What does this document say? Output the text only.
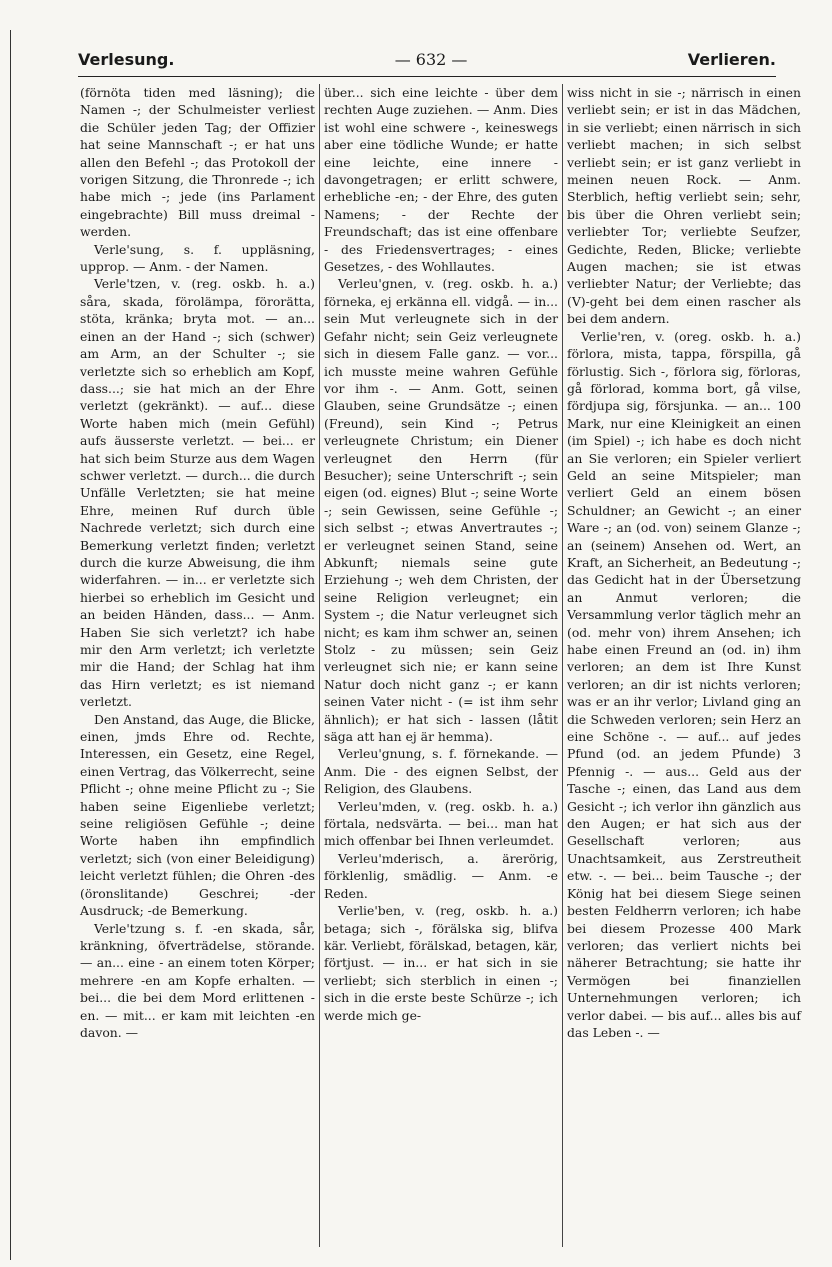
Verlesung.	— 632 —	Verlieren.

(förnöta tiden med läsning); die Namen -; der Schulmeister verliest die Schüler jeden Tag; der Offizier hat seine Mannschaft -; er hat uns allen den Befehl -; das Protokoll der vorigen Sitzung, die Thronrede -; ich habe mich -; jede (ins Parlament eingebrachte) Bill muss dreimal - werden.

Verle'sung, s. f. uppläsning, upprop. — Anm. - der Namen.

Verle'tzen, v. (reg. oskb. h. a.) såra, skada, förolämpa, förorätta, stöta, kränka; bryta mot. — an... einen an der Hand -; sich (schwer) am Arm, an der Schulter -; sie verletzte sich so erheblich am Kopf, dass...; sie hat mich an der Ehre verletzt (gekränkt). — auf... diese Worte haben mich (mein Gefühl) aufs äusserste verletzt. — bei... er hat sich beim Sturze aus dem Wagen schwer verletzt. — durch... die durch Unfälle Verletzten; sie hat meine Ehre, meinen Ruf durch üble Nachrede verletzt; sich durch eine Bemerkung verletzt finden; verletzt durch die kurze Abweisung, die ihm widerfahren. — in... er verletzte sich hierbei so erheblich im Gesicht und an beiden Händen, dass... — Anm. Haben Sie sich verletzt? ich habe mir den Arm verletzt; ich verletzte mir die Hand; der Schlag hat ihm das Hirn verletzt; es ist niemand verletzt.

Den Anstand, das Auge, die Blicke, einen, jmds Ehre od. Rechte, Interessen, ein Gesetz, eine Regel, einen Vertrag, das Völkerrecht, seine Pflicht -; ohne meine Pflicht zu -; Sie haben seine Eigenliebe verletzt; seine religiösen Gefühle -; deine Worte haben ihn empfindlich verletzt; sich (von einer Beleidigung) leicht verletzt fühlen; die Ohren -des (öronslitande) Geschrei; -der Ausdruck; -de Bemerkung.

Verle'tzung s. f. -en skada, sår, kränkning, öfverträdelse, störande. — an... eine - an einem toten Körper; mehrere -en am Kopfe erhalten. — bei... die bei dem Mord erlittenen -en. — mit... er kam mit leichten -en davon. —

über... sich eine leichte - über dem rechten Auge zuziehen. — Anm. Dies ist wohl eine schwere -, keineswegs aber eine tödliche Wunde; er hatte eine leichte, eine innere - davongetragen; er erlitt schwere, erhebliche -en; - der Ehre, des guten Namens; - der Rechte der Freundschaft; das ist eine offenbare - des Friedensvertrages; - eines Gesetzes, - des Wohllautes.

Verleu'gnen, v. (reg. oskb. h. a.) förneka, ej erkänna ell. vidgå. — in... sein Mut verleugnete sich in der Gefahr nicht; sein Geiz verleugnete sich in diesem Falle ganz. — vor... ich musste meine wahren Gefühle vor ihm -. — Anm. Gott, seinen Glauben, seine Grundsätze -; einen (Freund), sein Kind -; Petrus verleugnete Christum; ein Diener verleugnet den Herrn (für Besucher); seine Unterschrift -; sein eigen (od. eignes) Blut -; seine Worte -; sein Gewissen, seine Gefühle -; sich selbst -; etwas Anvertrautes -; er verleugnet seinen Stand, seine Abkunft; niemals seine gute Erziehung -; weh dem Christen, der seine Religion verleugnet; ein System -; die Natur verleugnet sich nicht; es kam ihm schwer an, seinen Stolz - zu müssen; sein Geiz verleugnet sich nie; er kann seine Natur doch nicht ganz -; er kann seinen Vater nicht - (= ist ihm sehr ähnlich); er hat sich - lassen (låtit säga att han ej är hemma).

Verleu'gnung, s. f. förnekande. — Anm. Die - des eignen Selbst, der Religion, des Glaubens.

Verleu'mden, v. (reg. oskb. h. a.) förtala, nedsvärta. — bei... man hat mich offenbar bei Ihnen verleumdet.

Verleu'mderisch, a. ärerörig, förklenlig, smädlig. — Anm. -e Reden.

Verlie'ben, v. (reg, oskb. h. a.) betaga; sich -, förälska sig, blifva kär. Verliebt, förälskad, betagen, kär, förtjust. — in... er hat sich in sie verliebt; sich sterblich in einen -; sich in die erste beste Schürze -; ich werde mich ge-

wiss nicht in sie -; närrisch in einen verliebt sein; er ist in das Mädchen, in sie verliebt; einen närrisch in sich verliebt machen; in sich selbst verliebt sein; er ist ganz verliebt in meinen neuen Rock. — Anm. Sterblich, heftig verliebt sein; sehr, bis über die Ohren verliebt sein; verliebter Tor; verliebte Seufzer, Gedichte, Reden, Blicke; verliebte Augen machen; sie ist etwas verliebter Natur; der Verliebte; das (V)-geht bei dem einen rascher als bei dem andern.

Verlie'ren, v. (oreg. oskb. h. a.) förlora, mista, tappa, förspilla, gå förlustig. Sich -, förlora sig, förloras, gå förlorad, komma bort, gå vilse, fördjupa sig, försjunka. — an... 100 Mark, nur eine Kleinigkeit an einen (im Spiel) -; ich habe es doch nicht an Sie verloren; ein Spieler verliert Geld an seine Mitspieler; man verliert Geld an einem bösen Schuldner; an Gewicht -; an einer Ware -; an (od. von) seinem Glanze -; an (seinem) Ansehen od. Wert, an Kraft, an Sicherheit, an Bedeutung -; das Gedicht hat in der Übersetzung an Anmut verloren; die Versammlung verlor täglich mehr an (od. mehr von) ihrem Ansehen; ich habe einen Freund an (od. in) ihm verloren; an dem ist Ihre Kunst verloren; an dir ist nichts verloren; was er an ihr verlor; Livland ging an die Schweden verloren; sein Herz an eine Schöne -. — auf... auf jedes Pfund (od. an jedem Pfunde) 3 Pfennig -. — aus... Geld aus der Tasche -; einen, das Land aus dem Gesicht -; ich verlor ihn gänzlich aus den Augen; er hat sich aus der Gesellschaft verloren; aus Unachtsamkeit, aus Zerstreutheit etw. -. — bei... beim Tausche -; der König hat bei diesem Siege seinen besten Feldherrn verloren; ich habe bei diesem Prozesse 400 Mark verloren; das verliert nichts bei näherer Betrachtung; sie hatte ihr Vermögen bei finanziellen Unternehmungen verloren; ich verlor dabei. — bis auf... alles bis auf das Leben -. —
